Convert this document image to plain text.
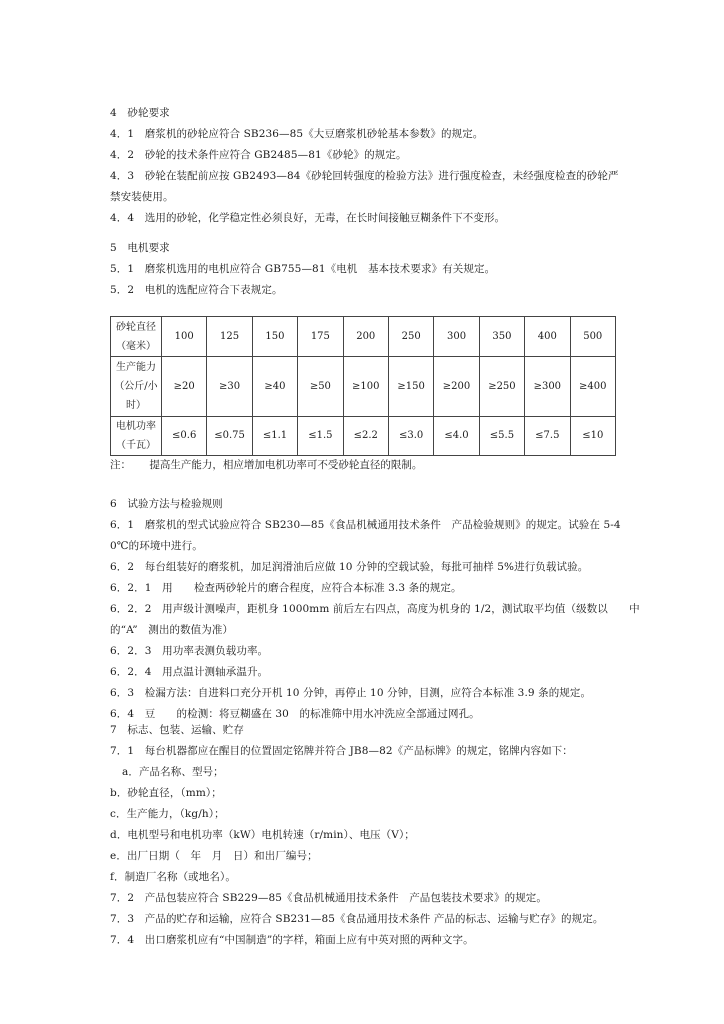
4　砂轮要求
4．1　磨浆机的砂轮应符合 SB236—85《大豆磨浆机砂轮基本参数》的规定。
4．2　砂轮的技术条件应符合 GB2485—81《砂轮》的规定。
4．3　砂轮在装配前应按 GB2493—84《砂轮回转强度的检验方法》进行强度检查，未经强度检查的砂轮严
禁安装使用。
4．4　选用的砂轮，化学稳定性必须良好，无毒，在长时间接触豆糊条件下不变形。
5　电机要求
5．1　磨浆机选用的电机应符合 GB755—81《电机　基本技术要求》有关规定。
5．2　电机的选配应符合下表规定。
砂轮直径
（毫米）	100	125	150	175	200	250	300	350	400	500

生产能力
（公斤/小
时）	≥20	≥30	≥40	≥50	≥100	≥150	≥200	≥250	≥300	≥400

电机功率
（千瓦）	≤0.6	≤0.75	≤1.1	≤1.5	≤2.2	≤3.0	≤4.0	≤5.5	≤7.5	≤10
注： 提高生产能力，相应增加电机功率可不受砂轮直径的限制。
6　试验方法与检验规则
6．1　磨浆机的型式试验应符合 SB230—85《食品机械通用技术条件　产品检验规则》的规定。试验在 5-4
0℃的环境中进行。
6．2　每台组装好的磨浆机，加足润滑油后应做 10 分钟的空载试验，每批可抽样 5%进行负载试验。
6．2．1　用　　检查两砂轮片的磨合程度，应符合本标准 3.3 条的规定。
6．2．2　用声级计测噪声，距机身 1000mm 前后左右四点，高度为机身的 1/2，测试取平均值（级数以　　中
的“A”　测出的数值为准）
6．2．3　用功率表测负载功率。
6．2．4　用点温计测轴承温升。
6．3　检漏方法：自进料口充分开机 10 分钟，再停止 10 分钟，目测，应符合本标准 3.9 条的规定。
6．4　豆　　的检测：将豆糊盛在 30　的标准筛中用水冲洗应全部通过网孔。
7　标志、包装、运输、贮存
7．1　每台机器都应在醒目的位置固定铭牌并符合 JB8—82《产品标牌》的规定，铭牌内容如下：
a．产品名称、型号；
b．砂轮直径，（mm）；
c．生产能力，（kg/h）；
d．电机型号和电机功率（kW）电机转速（r/min）、电压（V）；
e．出厂日期（　年　月　日）和出厂编号；
f．制造厂名称（或地名）。
7．2　产品包装应符合 SB229—85《食品机械通用技术条件　产品包装技术要求》的规定。
7．3　产品的贮存和运输，应符合 SB231—85《食品通用技术条件 产品的标志、运输与贮存》的规定。
7．4　出口磨浆机应有“中国制造”的字样，箱面上应有中英对照的两种文字。
